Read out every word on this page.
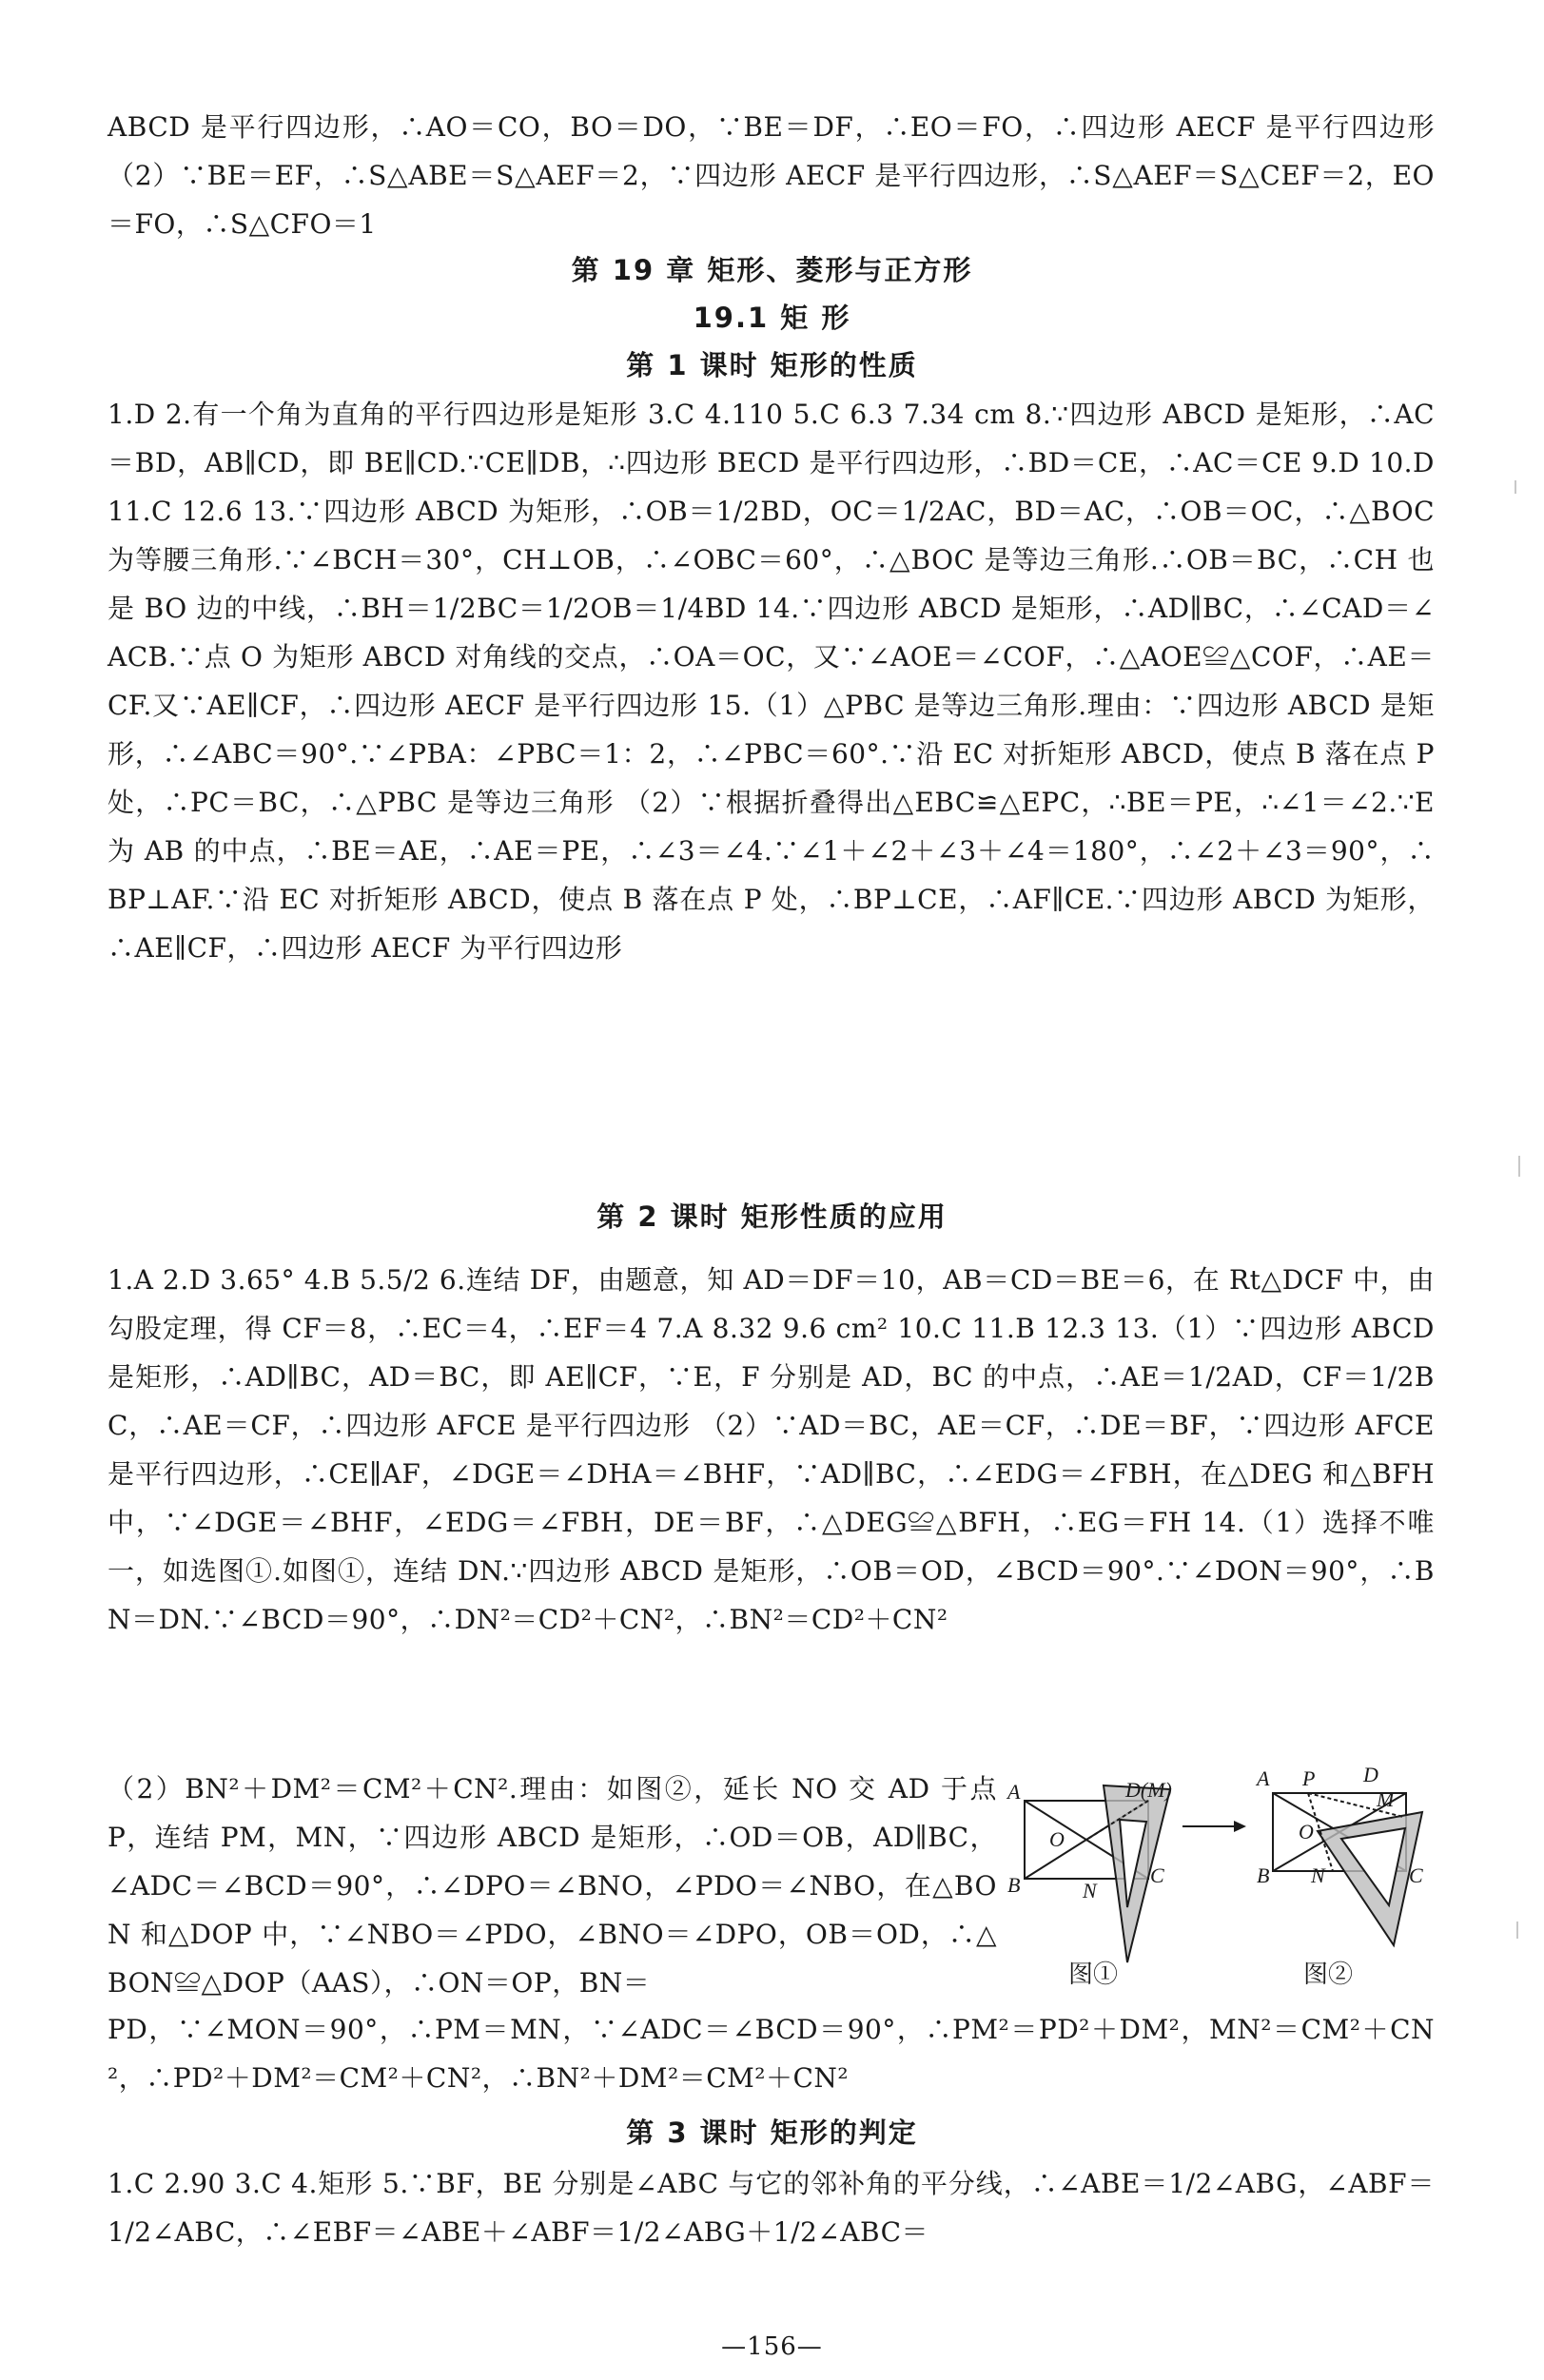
ABCD 是平行四边形，∴AO＝CO，BO＝DO，∵BE＝DF，∴EO＝FO，∴四边形 AECF 是平行四边形 （2）∵BE＝EF，∴S△ABE＝S△AEF＝2，∵四边形 AECF 是平行四边形，∴S△AEF＝S△CEF＝2，EO＝FO，∴S△CFO＝1
第 19 章 矩形、菱形与正方形
19.1 矩 形
第 1 课时 矩形的性质
1.D 2.有一个角为直角的平行四边形是矩形 3.C 4.110 5.C 6.3 7.34 cm 8.∵四边形 ABCD 是矩形，∴AC＝BD，AB∥CD，即 BE∥CD.∵CE∥DB，∴四边形 BECD 是平行四边形，∴BD＝CE，∴AC＝CE 9.D 10.D 11.C 12.6 13.∵四边形 ABCD 为矩形，∴OB＝1/2BD，OC＝1/2AC，BD＝AC，∴OB＝OC，∴△BOC 为等腰三角形.∵∠BCH＝30°，CH⊥OB，∴∠OBC＝60°，∴△BOC 是等边三角形.∴OB＝BC，∴CH 也是 BO 边的中线，∴BH＝1/2BC＝1/2OB＝1/4BD 14.∵四边形 ABCD 是矩形，∴AD∥BC，∴∠CAD＝∠ACB.∵点 O 为矩形 ABCD 对角线的交点，∴OA＝OC，又∵∠AOE＝∠COF，∴△AOE≌△COF，∴AE＝CF.又∵AE∥CF，∴四边形 AECF 是平行四边形 15.（1）△PBC 是等边三角形.理由：∵四边形 ABCD 是矩形，∴∠ABC＝90°.∵∠PBA：∠PBC＝1：2，∴∠PBC＝60°.∵沿 EC 对折矩形 ABCD，使点 B 落在点 P 处，∴PC＝BC，∴△PBC 是等边三角形 （2）∵根据折叠得出△EBC≌△EPC，∴BE＝PE，∴∠1＝∠2.∵E 为 AB 的中点，∴BE＝AE，∴AE＝PE，∴∠3＝∠4.∵∠1＋∠2＋∠3＋∠4＝180°，∴∠2＋∠3＝90°，∴BP⊥AF.∵沿 EC 对折矩形 ABCD，使点 B 落在点 P 处，∴BP⊥CE，∴AF∥CE.∵四边形 ABCD 为矩形，∴AE∥CF，∴四边形 AECF 为平行四边形
第 2 课时 矩形性质的应用
1.A 2.D 3.65° 4.B 5.5/2 6.连结 DF，由题意，知 AD＝DF＝10，AB＝CD＝BE＝6，在 Rt△DCF 中，由勾股定理，得 CF＝8，∴EC＝4，∴EF＝4 7.A 8.32 9.6 cm² 10.C 11.B 12.3 13.（1）∵四边形 ABCD 是矩形，∴AD∥BC，AD＝BC，即 AE∥CF，∵E，F 分别是 AD，BC 的中点，∴AE＝1/2AD，CF＝1/2BC，∴AE＝CF，∴四边形 AFCE 是平行四边形 （2）∵AD＝BC，AE＝CF，∴DE＝BF，∵四边形 AFCE 是平行四边形，∴CE∥AF，∠DGE＝∠DHA＝∠BHF，∵AD∥BC，∴∠EDG＝∠FBH，在△DEG 和△BFH 中，∵∠DGE＝∠BHF，∠EDG＝∠FBH，DE＝BF，∴△DEG≌△BFH，∴EG＝FH 14.（1）选择不唯一，如选图①.如图①，连结 DN.∵四边形 ABCD 是矩形，∴OB＝OD，∠BCD＝90°.∵∠DON＝90°，∴BN＝DN.∵∠BCD＝90°，∴DN²＝CD²＋CN²，∴BN²＝CD²＋CN²
（2）BN²＋DM²＝CM²＋CN².理由：如图②，延长 NO 交 AD 于点 P，连结 PM，MN，∵四边形 ABCD 是矩形，∴OD＝OB，AD∥BC，∠ADC＝∠BCD＝90°，∴∠DPO＝∠BNO，∠PDO＝∠NBO，在△BON 和△DOP 中，∵∠NBO＝∠PDO，∠BNO＝∠DPO，OB＝OD，∴△BON≌△DOP（AAS），∴ON＝OP，BN＝
PD，∵∠MON＝90°，∴PM＝MN，∵∠ADC＝∠BCD＝90°，∴PM²＝PD²＋DM²，MN²＝CM²＋CN²，∴PD²＋DM²＝CM²＋CN²，∴BN²＋DM²＝CM²＋CN²
第 3 课时 矩形的判定
1.C 2.90 3.C 4.矩形 5.∵BF，BE 分别是∠ABC 与它的邻补角的平分线，∴∠ABE＝1/2∠ABG，∠ABF＝1/2∠ABC，∴∠EBF＝∠ABE＋∠ABF＝1/2∠ABG＋1/2∠ABC＝
A	D(M)
O
B	N
C
A P D
M
O
B N	C
图①	图②
—156—
